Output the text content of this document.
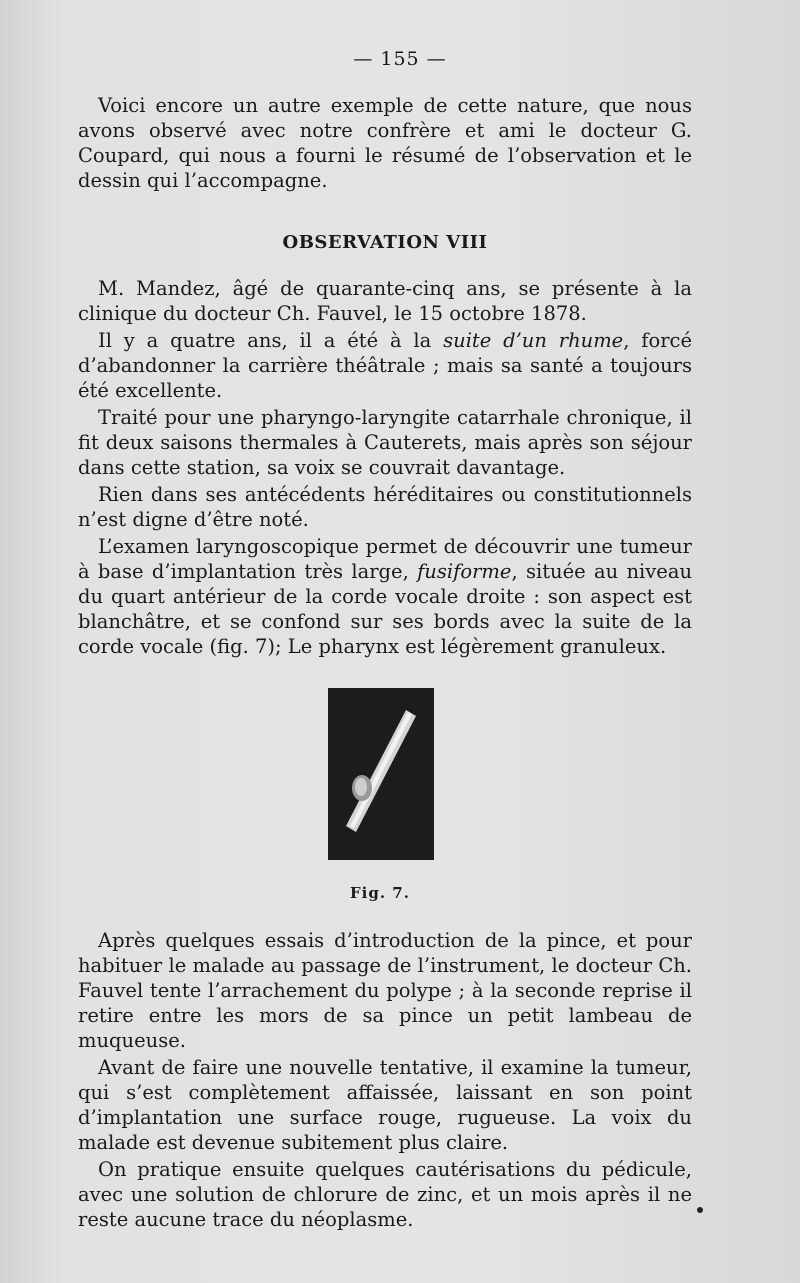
— 155 —

Voici encore un autre exemple de cette nature, que nous avons observé avec notre confrère et ami le docteur G. Coupard, qui nous a fourni le résumé de l’observation et le dessin qui l’accompagne.

OBSERVATION VIII

M. Mandez, âgé de quarante-cinq ans, se présente à la clinique du docteur Ch. Fauvel, le 15 octobre 1878.

Il y a quatre ans, il a été à la suite d’un rhume, forcé d’abandonner la carrière théâtrale ; mais sa santé a toujours été excellente.

Traité pour une pharyngo-laryngite catarrhale chronique, il fit deux saisons thermales à Cauterets, mais après son séjour dans cette station, sa voix se couvrait davantage.

Rien dans ses antécédents héréditaires ou constitutionnels n’est digne d’être noté.

L’examen laryngoscopique permet de découvrir une tumeur à base d’implantation très large, fusiforme, située au niveau du quart antérieur de la corde vocale droite : son aspect est blanchâtre, et se confond sur ses bords avec la suite de la corde vocale (fig. 7); Le pharynx est légèrement granuleux.

Fig. 7.

Après quelques essais d’introduction de la pince, et pour habituer le malade au passage de l’instrument, le docteur Ch. Fauvel tente l’arrachement du polype ; à la seconde reprise il retire entre les mors de sa pince un petit lambeau de muqueuse.

Avant de faire une nouvelle tentative, il examine la tumeur, qui s’est complètement affaissée, laissant en son point d’implantation une surface rouge, rugueuse. La voix du malade est devenue subitement plus claire.

On pratique ensuite quelques cautérisations du pédicule, avec une solution de chlorure de zinc, et un mois après il ne reste aucune trace du néoplasme.
